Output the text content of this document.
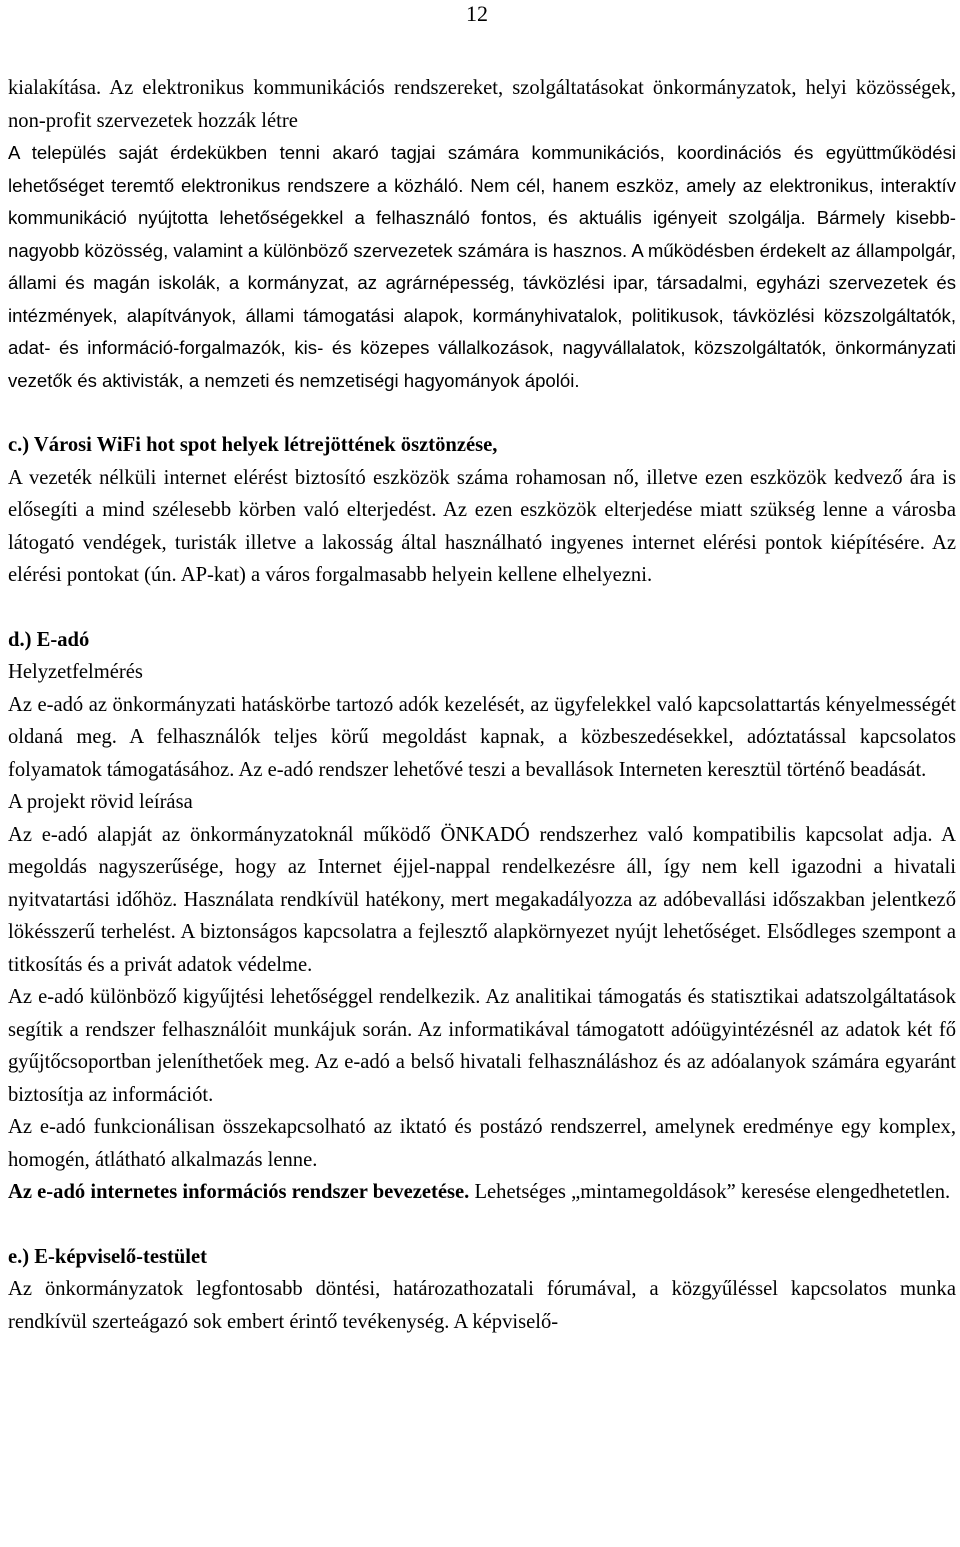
12

kialakítása. Az elektronikus kommunikációs rendszereket, szolgáltatásokat önkormányzatok, helyi közösségek, non-profit szervezetek hozzák létre

A település saját érdekükben tenni akaró tagjai számára kommunikációs, koordinációs és együttműködési lehetőséget teremtő elektronikus rendszere a közháló. Nem cél, hanem eszköz, amely az elektronikus, interaktív kommunikáció nyújtotta lehetőségekkel a felhasználó fontos, és aktuális igényeit szolgálja. Bármely kisebb-nagyobb közösség, valamint a különböző szervezetek számára is hasznos. A működésben érdekelt az állampolgár, állami és magán iskolák, a kormányzat, az agrárnépesség, távközlési ipar, társadalmi, egyházi szervezetek és intézmények, alapítványok, állami támogatási alapok, kormányhivatalok, politikusok, távközlési közszolgáltatók, adat- és információ-forgalmazók, kis- és közepes vállalkozások, nagyvállalatok, közszolgáltatók, önkormányzati vezetők és aktivisták, a nemzeti és nemzetiségi hagyományok ápolói.

c.) Városi WiFi hot spot helyek létrejöttének ösztönzése,

A vezeték nélküli internet elérést biztosító eszközök száma rohamosan nő, illetve ezen eszközök kedvező ára is elősegíti a mind szélesebb körben való elterjedést. Az ezen eszközök elterjedése miatt szükség lenne a városba látogató vendégek, turisták illetve a lakosság által használható ingyenes internet elérési pontok kiépítésére. Az elérési pontokat (ún. AP-kat) a város forgalmasabb helyein kellene elhelyezni.

d.) E-adó

Helyzetfelmérés

Az e-adó az önkormányzati hatáskörbe tartozó adók kezelését, az ügyfelekkel való kapcsolattartás kényelmességét oldaná meg. A felhasználók teljes körű megoldást kapnak, a közbeszedésekkel, adóztatással kapcsolatos folyamatok támogatásához. Az e-adó rendszer lehetővé teszi a bevallások Interneten keresztül történő beadását.

A projekt rövid leírása

Az e-adó alapját az önkormányzatoknál működő ÖNKADÓ rendszerhez való kompatibilis kapcsolat adja. A megoldás nagyszerűsége, hogy az Internet éjjel-nappal rendelkezésre áll, így nem kell igazodni a hivatali nyitvatartási időhöz. Használata rendkívül hatékony, mert megakadályozza az adóbevallási időszakban jelentkező lökésszerű terhelést. A biztonságos kapcsolatra a fejlesztő alapkörnyezet nyújt lehetőséget. Elsődleges szempont a titkosítás és a privát adatok védelme.

Az e-adó különböző kigyűjtési lehetőséggel rendelkezik. Az analitikai támogatás és statisztikai adatszolgáltatások segítik a rendszer felhasználóit munkájuk során. Az informatikával támogatott adóügyintézésnél az adatok két fő gyűjtőcsoportban jeleníthetőek meg. Az e-adó a belső hivatali felhasználáshoz és az adóalanyok számára egyaránt biztosítja az információt.

Az e-adó funkcionálisan összekapcsolható az iktató és postázó rendszerrel, amelynek eredménye egy komplex, homogén, átlátható alkalmazás lenne.

Az e-adó internetes információs rendszer bevezetése. Lehetséges „mintamegoldások” keresése elengedhetetlen.

e.) E-képviselő-testület

Az önkormányzatok legfontosabb döntési, határozathozatali fórumával, a közgyűléssel kapcsolatos munka rendkívül szerteágazó sok embert érintő tevékenység. A képviselő-
